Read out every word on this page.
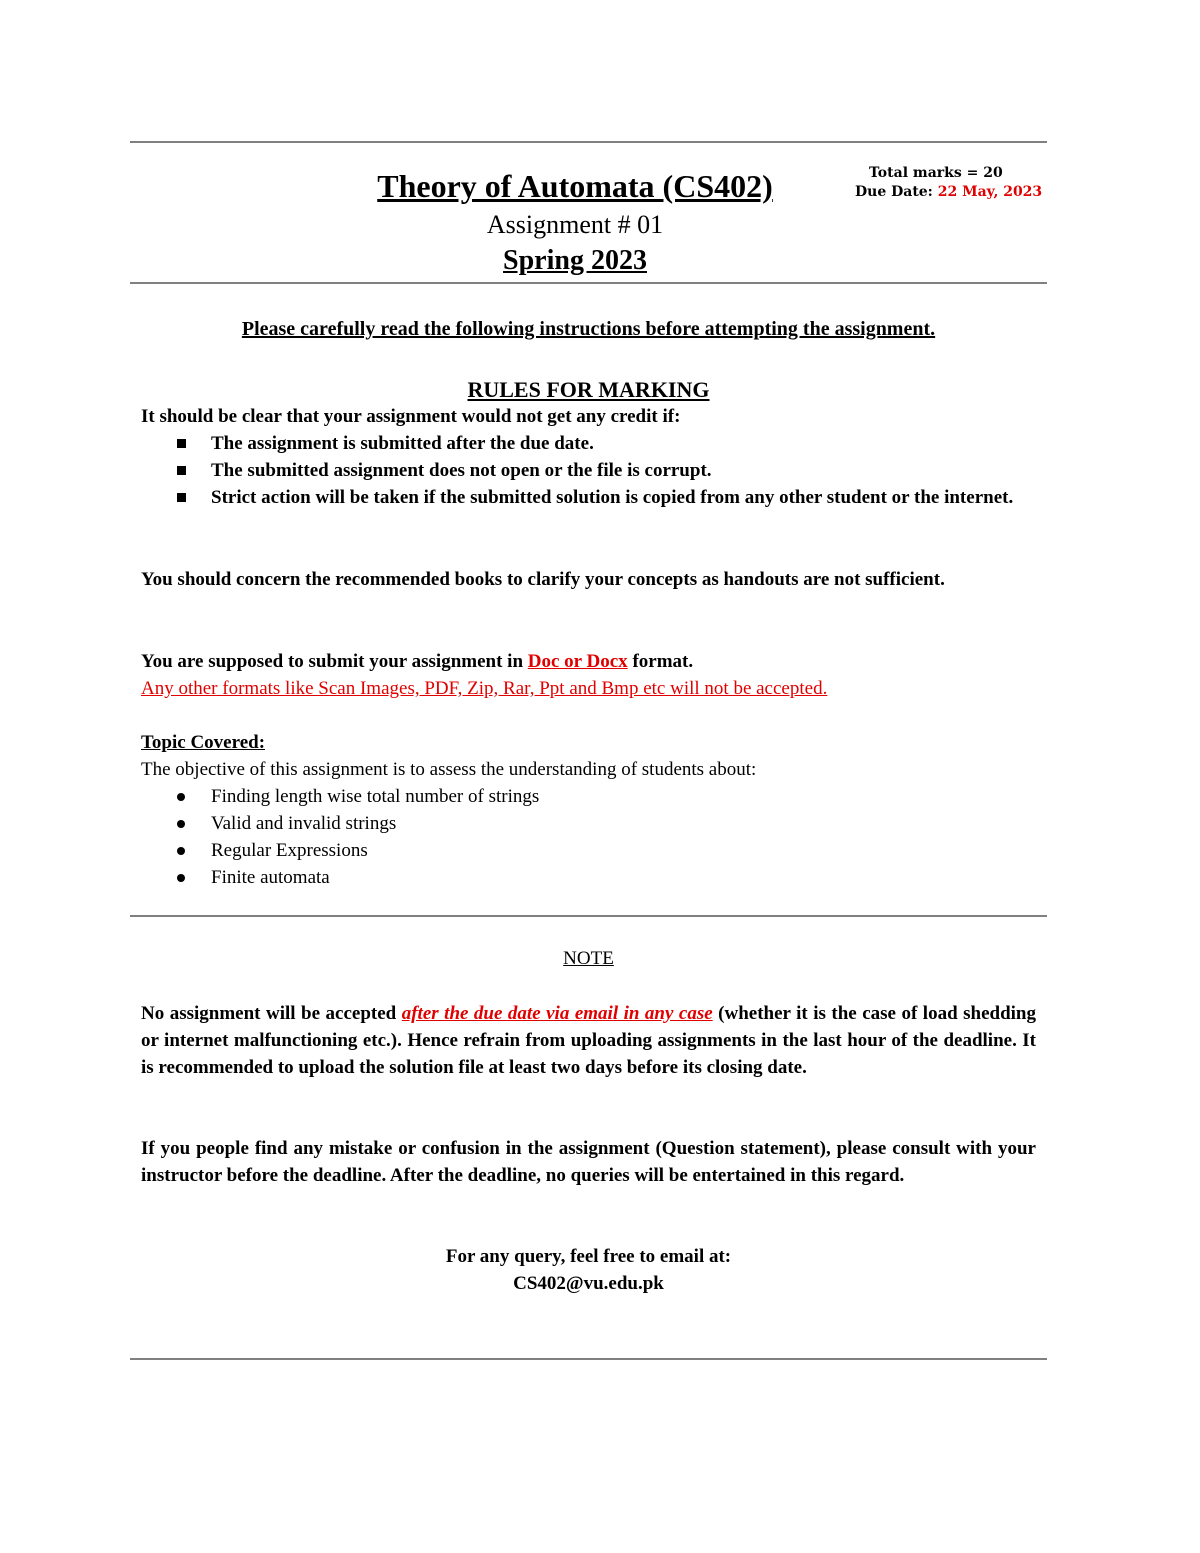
Theory of Automata (CS402)
Assignment # 01
Spring 2023
Total marks = 20
Due Date: 22 May, 2023
Please carefully read the following instructions before attempting the assignment.
RULES FOR MARKING
It should be clear that your assignment would not get any credit if:
The assignment is submitted after the due date.
The submitted assignment does not open or the file is corrupt.
Strict action will be taken if the submitted solution is copied from any other student or the internet.
You should concern the recommended books to clarify your concepts as handouts are not sufficient.
You are supposed to submit your assignment in Doc or Docx format.
Any other formats like Scan Images, PDF, Zip, Rar, Ppt and Bmp etc will not be accepted.
Topic Covered:
The objective of this assignment is to assess the understanding of students about:
Finding length wise total number of strings
Valid and invalid strings
Regular Expressions
Finite automata
NOTE
No assignment will be accepted after the due date via email in any case (whether it is the case of load shedding or internet malfunctioning etc.). Hence refrain from uploading assignments in the last hour of the deadline. It is recommended to upload the solution file at least two days before its closing date.
If you people find any mistake or confusion in the assignment (Question statement), please consult with your instructor before the deadline. After the deadline, no queries will be entertained in this regard.
For any query, feel free to email at:
CS402@vu.edu.pk
